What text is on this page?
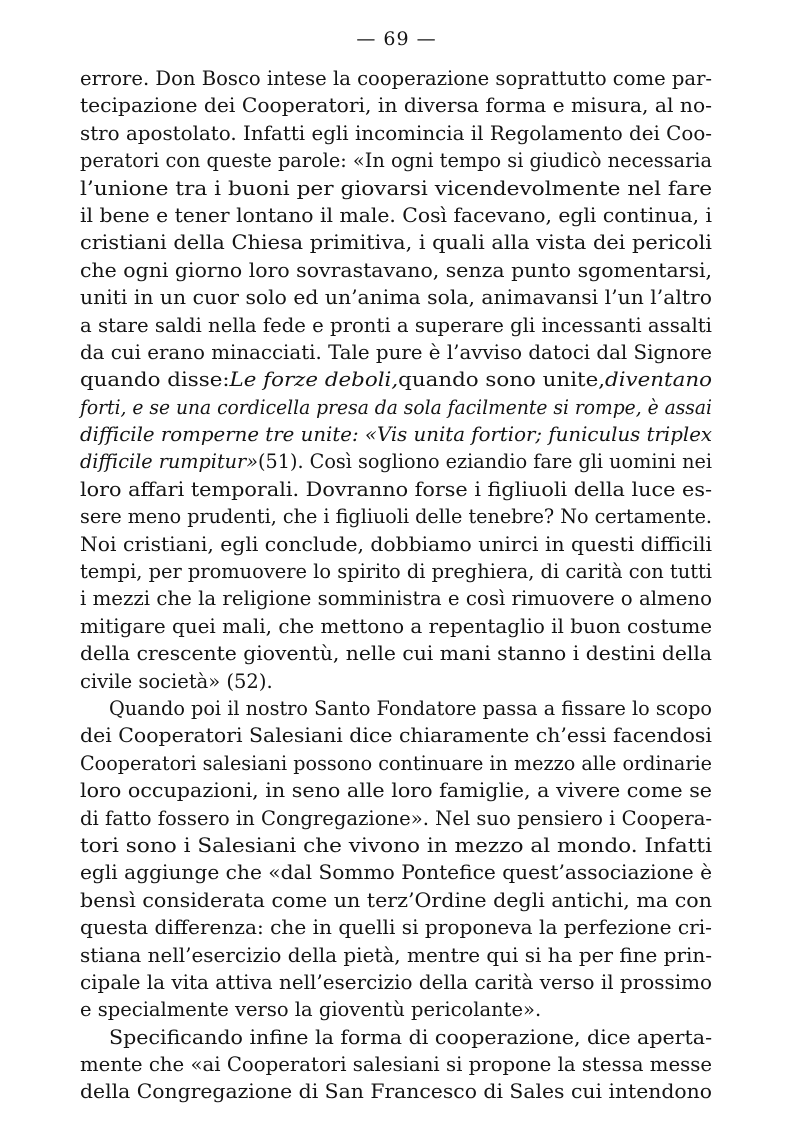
— 69 —
errore. Don Bosco intese la cooperazione soprattutto come par-
tecipazione dei Cooperatori, in diversa forma e misura, al no-
stro apostolato. Infatti egli incomincia il Regolamento dei Coo-
peratori con queste parole: «In ogni tempo si giudicò necessaria
l’unione tra i buoni per giovarsi vicendevolmente nel fare
il bene e tener lontano il male. Così facevano, egli continua, i
cristiani della Chiesa primitiva, i quali alla vista dei pericoli
che ogni giorno loro sovrastavano, senza punto sgomentarsi,
uniti in un cuor solo ed un’anima sola, animavansi l’un l’altro
a stare saldi nella fede e pronti a superare gli incessanti assalti
da cui erano minacciati. Tale pure è l’avviso datoci dal Signore
quando disse:Le forze deboli,quando sono unite,diventano
forti, e se una cordicella presa da sola facilmente si rompe, è assai
difficile romperne tre unite: «Vis unita fortior; funiculus triplex
difficile rumpitur»(51). Così sogliono eziandio fare gli uomini nei
loro affari temporali. Dovranno forse i figliuoli della luce es-
sere meno prudenti, che i figliuoli delle tenebre? No certamente.
Noi cristiani, egli conclude, dobbiamo unirci in questi difficili
tempi, per promuovere lo spirito di preghiera, di carità con tutti
i mezzi che la religione somministra e così rimuovere o almeno
mitigare quei mali, che mettono a repentaglio il buon costume
della crescente gioventù, nelle cui mani stanno i destini della
civile società» (52).
Quando poi il nostro Santo Fondatore passa a fissare lo scopo
dei Cooperatori Salesiani dice chiaramente ch’essi facendosi
Cooperatori salesiani possono continuare in mezzo alle ordinarie
loro occupazioni, in seno alle loro famiglie, a vivere come se
di fatto fossero in Congregazione». Nel suo pensiero i Coopera-
tori sono i Salesiani che vivono in mezzo al mondo. Infatti
egli aggiunge che «dal Sommo Pontefice quest’associazione è
bensì considerata come un terz’Ordine degli antichi, ma con
questa differenza: che in quelli si proponeva la perfezione cri-
stiana nell’esercizio della pietà, mentre qui si ha per fine prin-
cipale la vita attiva nell’esercizio della carità verso il prossimo
e specialmente verso la gioventù pericolante».
Specificando infine la forma di cooperazione, dice aperta-
mente che «ai Cooperatori salesiani si propone la stessa messe
della Congregazione di San Francesco di Sales cui intendono
